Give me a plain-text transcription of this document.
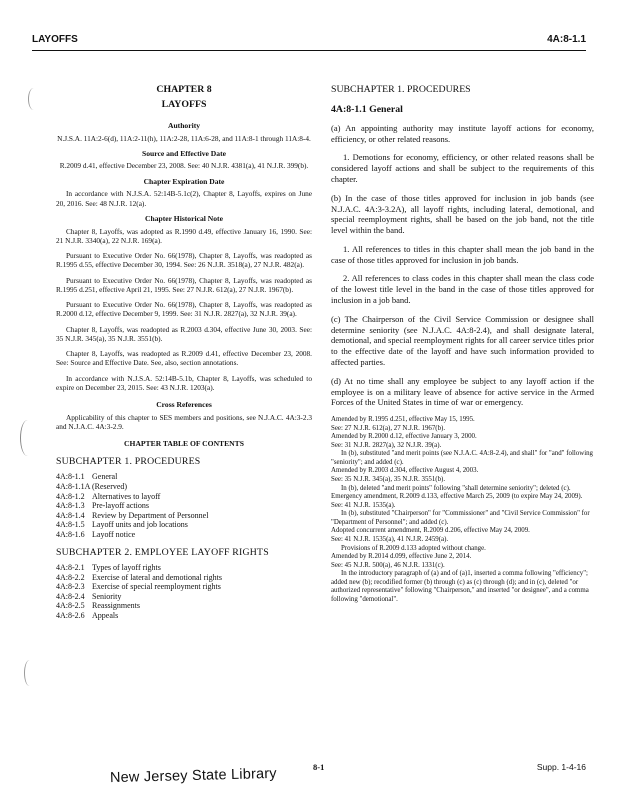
LAYOFFS	4A:8-1.1
CHAPTER 8
LAYOFFS
Authority
N.J.S.A. 11A:2-6(d), 11A:2-11(h), 11A:2-28, 11A:6-28, and 11A:8-1 through 11A:8-4.
Source and Effective Date
R.2009 d.41, effective December 23, 2008. See: 40 N.J.R. 4381(a), 41 N.J.R. 399(b).
Chapter Expiration Date

In accordance with N.J.S.A. 52:14B-5.1c(2), Chapter 8, Layoffs, expires on June 20, 2016. See: 48 N.J.R. 12(a).

Chapter Historical Note

Chapter 8, Layoffs, was adopted as R.1990 d.49, effective January 16, 1990. See: 21 N.J.R. 3340(a), 22 N.J.R. 169(a).

Pursuant to Executive Order No. 66(1978), Chapter 8, Layoffs, was readopted as R.1995 d.55, effective December 30, 1994. See: 26 N.J.R. 3518(a), 27 N.J.R. 482(a).

Pursuant to Executive Order No. 66(1978), Chapter 8, Layoffs, was readopted as R.1995 d.251, effective April 21, 1995. See: 27 N.J.R. 612(a), 27 N.J.R. 1967(b).

Pursuant to Executive Order No. 66(1978), Chapter 8, Layoffs, was readopted as R.2000 d.12, effective December 9, 1999. See: 31 N.J.R. 2827(a), 32 N.J.R. 39(a).

Chapter 8, Layoffs, was readopted as R.2003 d.304, effective June 30, 2003. See: 35 N.J.R. 345(a), 35 N.J.R. 3551(b).

Chapter 8, Layoffs, was readopted as R.2009 d.41, effective December 23, 2008. See: Source and Effective Date. See, also, section annotations.

In accordance with N.J.S.A. 52:14B-5.1b, Chapter 8, Layoffs, was scheduled to expire on December 23, 2015. See: 43 N.J.R. 1203(a).

Cross References

Applicability of this chapter to SES members and positions, see N.J.A.C. 4A:3-2.3 and N.J.A.C. 4A:3-2.9.

CHAPTER TABLE OF CONTENTS
SUBCHAPTER 1. PROCEDURES
4A:8-1.1 General
4A:8-1.1A (Reserved)
4A:8-1.2 Alternatives to layoff
4A:8-1.3 Pre-layoff actions
4A:8-1.4 Review by Department of Personnel
4A:8-1.5 Layoff units and job locations
4A:8-1.6 Layoff notice
SUBCHAPTER 2. EMPLOYEE LAYOFF RIGHTS
4A:8-2.1 Types of layoff rights
4A:8-2.2 Exercise of lateral and demotional rights
4A:8-2.3 Exercise of special reemployment rights
4A:8-2.4 Seniority
4A:8-2.5 Reassignments
4A:8-2.6 Appeals
SUBCHAPTER 1. PROCEDURES
4A:8-1.1 General

(a) An appointing authority may institute layoff actions for economy, efficiency, or other related reasons.

1. Demotions for economy, efficiency, or other related reasons shall be considered layoff actions and shall be subject to the requirements of this chapter.

(b) In the case of those titles approved for inclusion in job bands (see N.J.A.C. 4A:3-3.2A), all layoff rights, including lateral, demotional, and special reemployment rights, shall be based on the job band, not the title level within the band.

1. All references to titles in this chapter shall mean the job band in the case of those titles approved for inclusion in job bands.

2. All references to class codes in this chapter shall mean the class code of the lowest title level in the band in the case of those titles approved for inclusion in a job band.

(c) The Chairperson of the Civil Service Commission or designee shall determine seniority (see N.J.A.C. 4A:8-2.4), and shall designate lateral, demotional, and special reemployment rights for all career service titles prior to the effective date of the layoff and have such information provided to affected parties.

(d) At no time shall any employee be subject to any layoff action if the employee is on a military leave of absence for active service in the Armed Forces of the United States in time of war or emergency.

Amended by R.1995 d.251, effective May 15, 1995.
See: 27 N.J.R. 612(a), 27 N.J.R. 1967(b).
Amended by R.2000 d.12, effective January 3, 2000.
See: 31 N.J.R. 2827(a), 32 N.J.R. 39(a).
In (b), substituted "and merit points (see N.J.A.C. 4A:8-2.4), and shall" for "and" following "seniority"; and added (c).
Amended by R.2003 d.304, effective August 4, 2003.
See: 35 N.J.R. 345(a), 35 N.J.R. 3551(b).
In (b), deleted "and merit points" following "shall determine seniority"; deleted (c).
Emergency amendment, R.2009 d.133, effective March 25, 2009 (to expire May 24, 2009).
See: 41 N.J.R. 1535(a).
In (b), substituted "Chairperson" for "Commissioner" and "Civil Service Commission" for "Department of Personnel"; and added (c).
Adopted concurrent amendment, R.2009 d.206, effective May 24, 2009.
See: 41 N.J.R. 1535(a), 41 N.J.R. 2459(a).
Provisions of R.2009 d.133 adopted without change.
Amended by R.2014 d.099, effective June 2, 2014.
See: 45 N.J.R. 500(a), 46 N.J.R. 1331(c).
In the introductory paragraph of (a) and of (a)1, inserted a comma following "efficiency"; added new (b); recodified former (b) through (c) as (c) through (d); and in (c), deleted "or authorized representative" following "Chairperson," and inserted "or designee", and a comma following "demotional".
8-1	Supp. 1-4-16
New Jersey State Library
